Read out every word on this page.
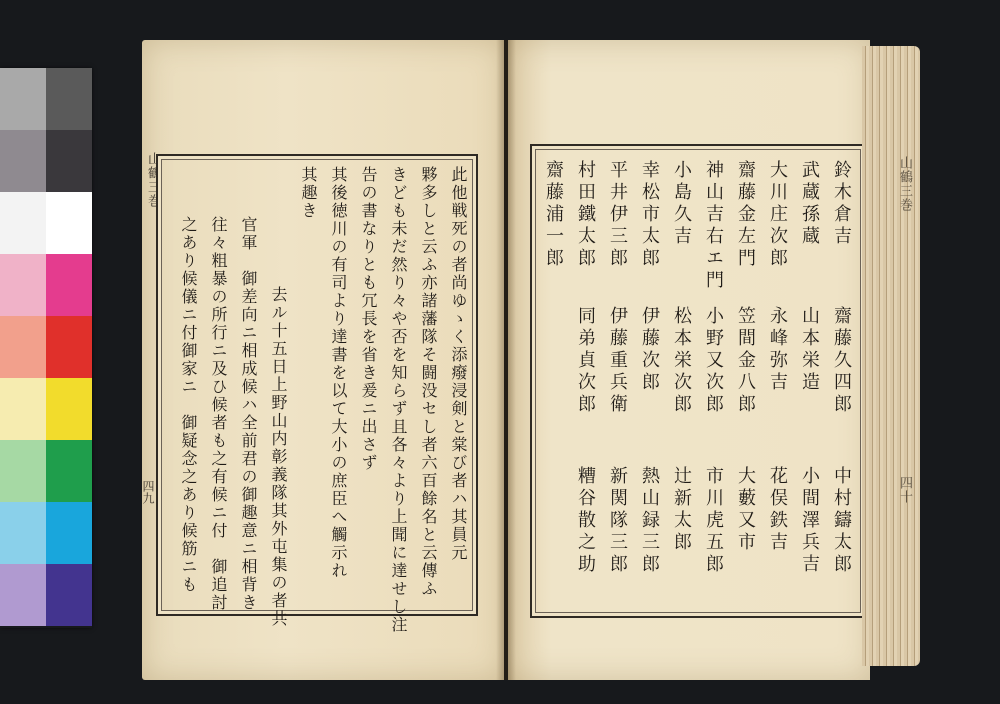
山鶴三巻
四九	此他戦死の者尚ゆゝく添癈浸剣と棠び者ハ其員元
夥多しと云ふ亦諸藩隊そ闘没セし者六百餘名と云傳ふ
きども未だ然り々や否を知らず且各々より上聞に達せし注
告の書なりとも冗長を省き爰ニ出さず
其後徳川の有司より達書を以て大小の庶臣へ觸示れ
其趣き
去ル十五日上野山内彰義隊其外屯集の者共
官軍　御差向ニ相成候ハ全前君の御趣意ニ相背き
往々粗暴の所行ニ及ひ候者も之有候ニ付　御追討
之あり候儀ニ付御家ニ　御疑念之あり候筋ニも
鈴木倉吉
齋藤久四郎
武蔵孫蔵
山本栄造
大川庄次郎
永峰弥吉
齋藤金左門
笠間金八郎
神山吉右エ門
小野又次郎
小島久吉
松本栄次郎
幸松市太郎
伊藤次郎
平井伊三郎
伊藤重兵衛
村田鐵太郎
同弟貞次郎
齋藤浦一郎
中村鑄太郎
小間澤兵吉
花俣鉄吉
大藪又市
市川虎五郎
辻新太郎
熱山録三郎
新関隊三郎
糟谷散之助
山鶴三巻
四十
